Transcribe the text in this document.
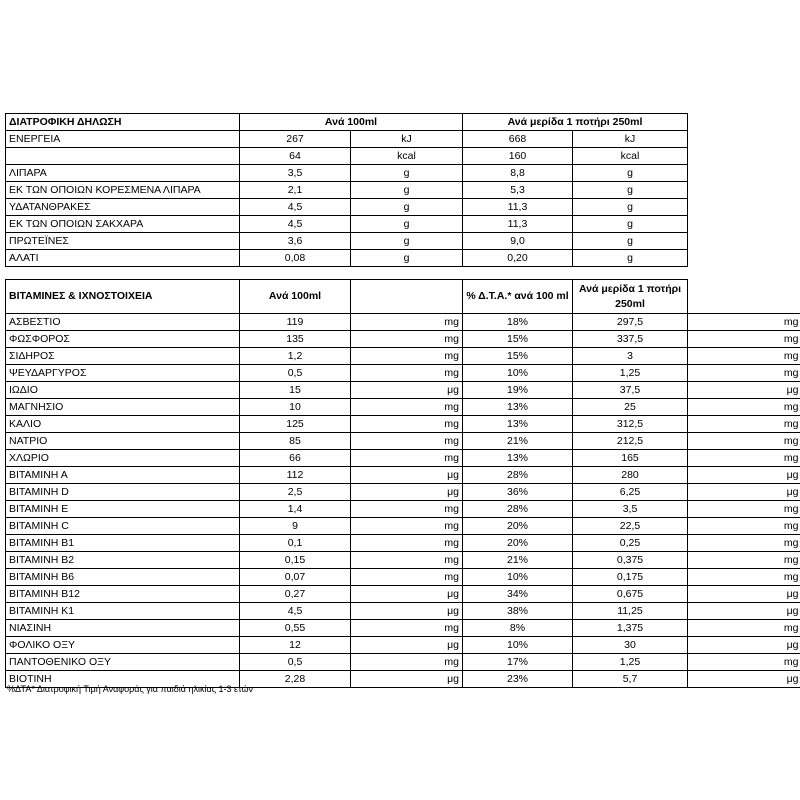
ΔΙΑΤΡΟΦΙΚΗ ΔΗΛΩΣΗ	Ανά 100ml		Ανά μερίδα 1 ποτήρι 250ml	
ΕΝΕΡΓΕΙΑ	267	kJ	668	kJ
	64	kcal	160	kcal
ΛΙΠΑΡΑ	3,5	g	8,8	g
ΕΚ ΤΩΝ ΟΠΟΙΩΝ ΚΟΡΕΣΜΕΝΑ ΛΙΠΑΡΑ	2,1	g	5,3	g
ΥΔΑΤΑΝΘΡΑΚΕΣ	4,5	g	11,3	g
ΕΚ ΤΩΝ ΟΠΟΙΩΝ ΣΑΚΧΑΡΑ	4,5	g	11,3	g
ΠΡΩΤΕΪΝΕΣ	3,6	g	9,0	g
ΑΛΑΤΙ	0,08	g	0,20	g
ΒΙΤΑΜΙΝΕΣ & ΙΧΝΟΣΤΟΙΧΕΙΑ	Ανά 100ml		% Δ.Τ.Α.* ανά 100 ml	Ανά μερίδα 1 ποτήρι 250ml	
ΑΣΒΕΣΤΙΟ	119	mg	18%	297,5	mg
ΦΩΣΦΟΡΟΣ	135	mg	15%	337,5	mg
ΣΙΔΗΡΟΣ	1,2	mg	15%	3	mg
ΨΕΥΔΑΡΓΥΡΟΣ	0,5	mg	10%	1,25	mg
ΙΩΔΙΟ	15	μg	19%	37,5	μg
ΜΑΓΝΗΣΙΟ	10	mg	13%	25	mg
ΚΑΛΙΟ	125	mg	13%	312,5	mg
ΝΑΤΡΙΟ	85	mg	21%	212,5	mg
ΧΛΩΡΙΟ	66	mg	13%	165	mg
ΒΙΤΑΜΙΝΗ Α	112	μg	28%	280	μg
ΒΙΤΑΜΙΝΗ D	2,5	μg	36%	6,25	μg
ΒΙΤΑΜΙΝΗ Ε	1,4	mg	28%	3,5	mg
ΒΙΤΑΜΙΝΗ C	9	mg	20%	22,5	mg
ΒΙΤΑΜΙΝΗ Β1	0,1	mg	20%	0,25	mg
ΒΙΤΑΜΙΝΗ Β2	0,15	mg	21%	0,375	mg
ΒΙΤΑΜΙΝΗ Β6	0,07	mg	10%	0,175	mg
ΒΙΤΑΜΙΝΗ Β12	0,27	μg	34%	0,675	μg
ΒΙΤΑΜΙΝΗ Κ1	4,5	μg	38%	11,25	μg
ΝΙΑΣΙΝΗ	0,55	mg	8%	1,375	mg
ΦΟΛΙΚΟ ΟΞΥ	12	μg	10%	30	μg
ΠΑΝΤΟΘΕΝΙΚΟ ΟΞΥ	0,5	mg	17%	1,25	mg
ΒΙΟΤΙΝΗ	2,28	μg	23%	5,7	μg
%ΔΤΑ* Διατροφική Τιμή Αναφοράς για παιδιά ηλικίας 1-3 ετών
